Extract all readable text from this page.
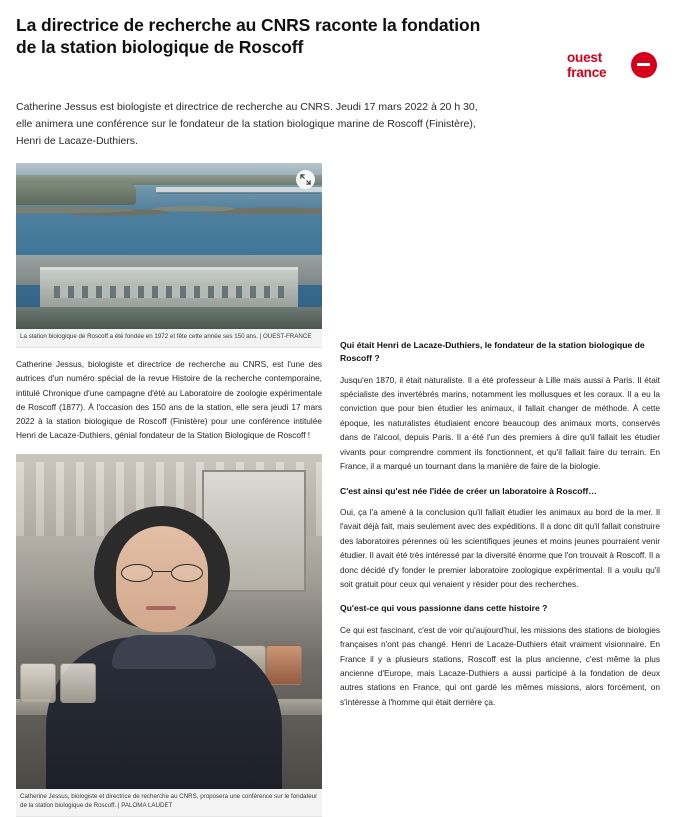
La directrice de recherche au CNRS raconte la fondation de la station biologique de Roscoff
ouest
france

Catherine Jessus est biologiste et directrice de recherche au CNRS. Jeudi 17 mars 2022 à 20 h 30, elle animera une conférence sur le fondateur de la station biologique marine de Roscoff (Finistère), Henri de Lacaze-Duthiers.

La station biologique de Roscoff a été fondée en 1972 et fête cette année ses 150 ans. | OUEST-FRANCE

Catherine Jessus, biologiste et directrice de recherche au CNRS, est l'une des autrices d'un numéro spécial de la revue Histoire de la recherche contemporaine, intitulé Chronique d'une campagne d'été au Laboratoire de zoologie expérimentale de Roscoff (1877). À l'occasion des 150 ans de la station, elle sera jeudi 17 mars 2022 à la station biologique de Roscoff (Finistère) pour une conférence intitulée Henri de Lacaze-Duthiers, génial fondateur de la Station Biologique de Roscoff !

Catherine Jessus, biologiste et directrice de recherche au CNRS, proposera une conférence sur le fondateur de la station biologique de Roscoff. | PALOMA LAUDET

Qui était Henri de Lacaze-Duthiers, le fondateur de la station biologique de Roscoff ?

Jusqu'en 1870, il était naturaliste. Il a été professeur à Lille mais aussi à Paris. Il était spécialiste des invertébrés marins, notamment les mollusques et les coraux. Il a eu la conviction que pour bien étudier les animaux, il fallait changer de méthode. À cette époque, les naturalistes étudiaient encore beaucoup des animaux morts, conservés dans de l'alcool, depuis Paris. Il a été l'un des premiers à dire qu'il fallait les étudier vivants pour comprendre comment ils fonctionnent, et qu'il fallait faire du terrain. En France, il a marqué un tournant dans la manière de faire de la biologie.

C'est ainsi qu'est née l'idée de créer un laboratoire à Roscoff…

Oui, ça l'a amené à la conclusion qu'il fallait étudier les animaux au bord de la mer. Il l'avait déjà fait, mais seulement avec des expéditions. Il a donc dit qu'il fallait construire des laboratoires pérennes où les scientifiques jeunes et moins jeunes pourraient venir étudier. Il avait été très intéressé par la diversité énorme que l'on trouvait à Roscoff. Il a donc décidé d'y fonder le premier laboratoire zoologique expérimental. Il a voulu qu'il soit gratuit pour ceux qui venaient y résider pour des recherches.

Qu'est-ce qui vous passionne dans cette histoire ?

Ce qui est fascinant, c'est de voir qu'aujourd'hui, les missions des stations de biologies françaises n'ont pas changé. Henri de Lacaze-Duthiers était vraiment visionnaire. En France il y a plusieurs stations, Roscoff est la plus ancienne, c'est même la plus ancienne d'Europe, mais Lacaze-Duthiers a aussi participé à la fondation de deux autres stations en France, qui ont gardé les mêmes missions, alors forcément, on s'intéresse à l'homme qui était derrière ça.
